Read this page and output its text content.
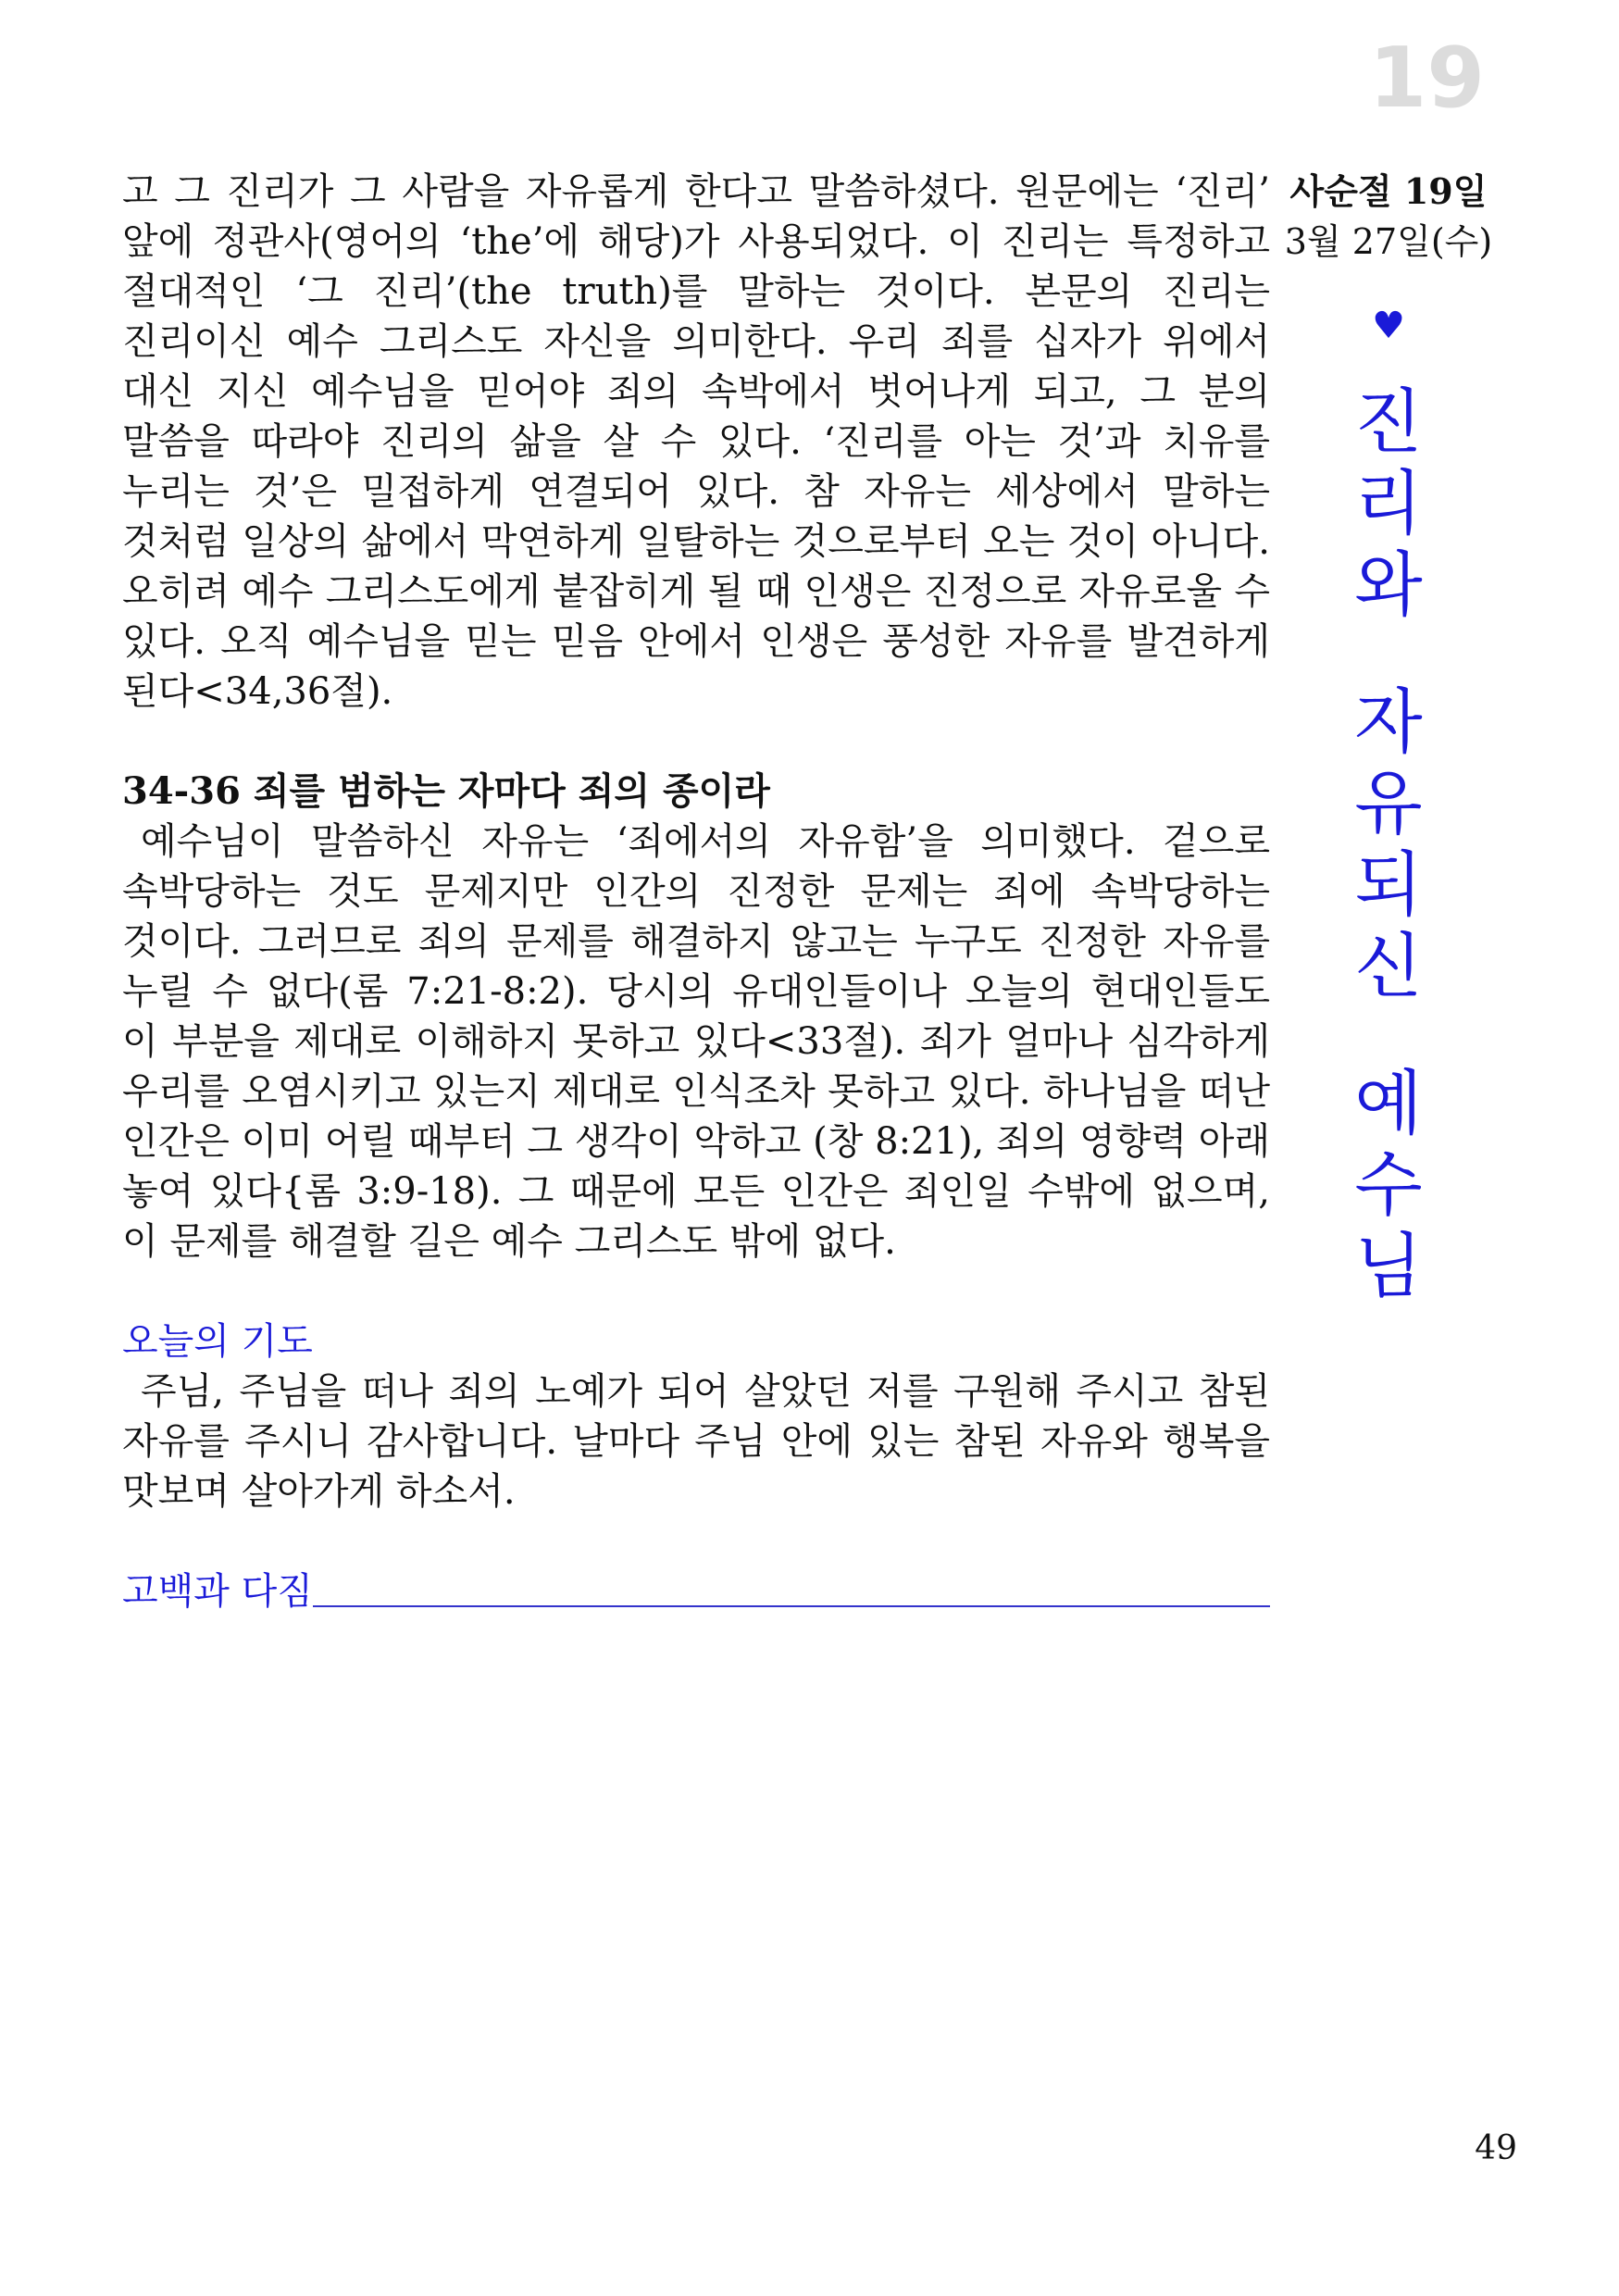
19

고 그 진리가 그 사람을 자유롭게 한다고 말씀하셨다. 원문에는 ‘진리’ 앞에 정관사(영어의 ‘the’에 해당)가 사용되었다. 이 진리는 특정하고 절대적인 ‘그 진리’(the truth)를 말하는 것이다. 본문의 진리는 진리이신 예수 그리스도 자신을 의미한다. 우리 죄를 십자가 위에서 대신 지신 예수님을 믿어야 죄의 속박에서 벗어나게 되고, 그 분의 말씀을 따라야 진리의 삶을 살 수 있다. ‘진리를 아는 것’과 치유를 누리는 것’은 밀접하게 연결되어 있다. 참 자유는 세상에서 말하는 것처럼 일상의 삶에서 막연하게 일탈하는 것으로부터 오는 것이 아니다. 오히려 예수 그리스도에게 붙잡히게 될 때 인생은 진정으로 자유로울 수 있다. 오직 예수님을 믿는 믿음 안에서 인생은 풍성한 자유를 발견하게 된다<34,36절).

34-36 죄를 범하는 자마다 죄의 종이라

예수님이 말씀하신 자유는 ‘죄에서의 자유함’을 의미했다. 겉으로 속박당하는 것도 문제지만 인간의 진정한 문제는 죄에 속박당하는 것이다. 그러므로 죄의 문제를 해결하지 않고는 누구도 진정한 자유를 누릴 수 없다(롬 7:21-8:2). 당시의 유대인들이나 오늘의 현대인들도 이 부분을 제대로 이해하지 못하고 있다<33절). 죄가 얼마나 심각하게 우리를 오염시키고 있는지 제대로 인식조차 못하고 있다. 하나님을 떠난 인간은 이미 어릴 때부터 그 생각이 악하고 (창 8:21), 죄의 영향력 아래 놓여 있다{롬 3:9-18). 그 때문에 모든 인간은 죄인일 수밖에 없으며, 이 문제를 해결할 길은 예수 그리스도 밖에 없다.

오늘의 기도

주님, 주님을 떠나 죄의 노예가 되어 살았던 저를 구원해 주시고 참된 자유를 주시니 감사합니다. 날마다 주님 안에 있는 참된 자유와 행복을 맛보며 살아가게 하소서.

고백과 다짐
사순절 19일
3월 27일(수)
♥
진
리
와
자
유
되
신
예
수
님
49
